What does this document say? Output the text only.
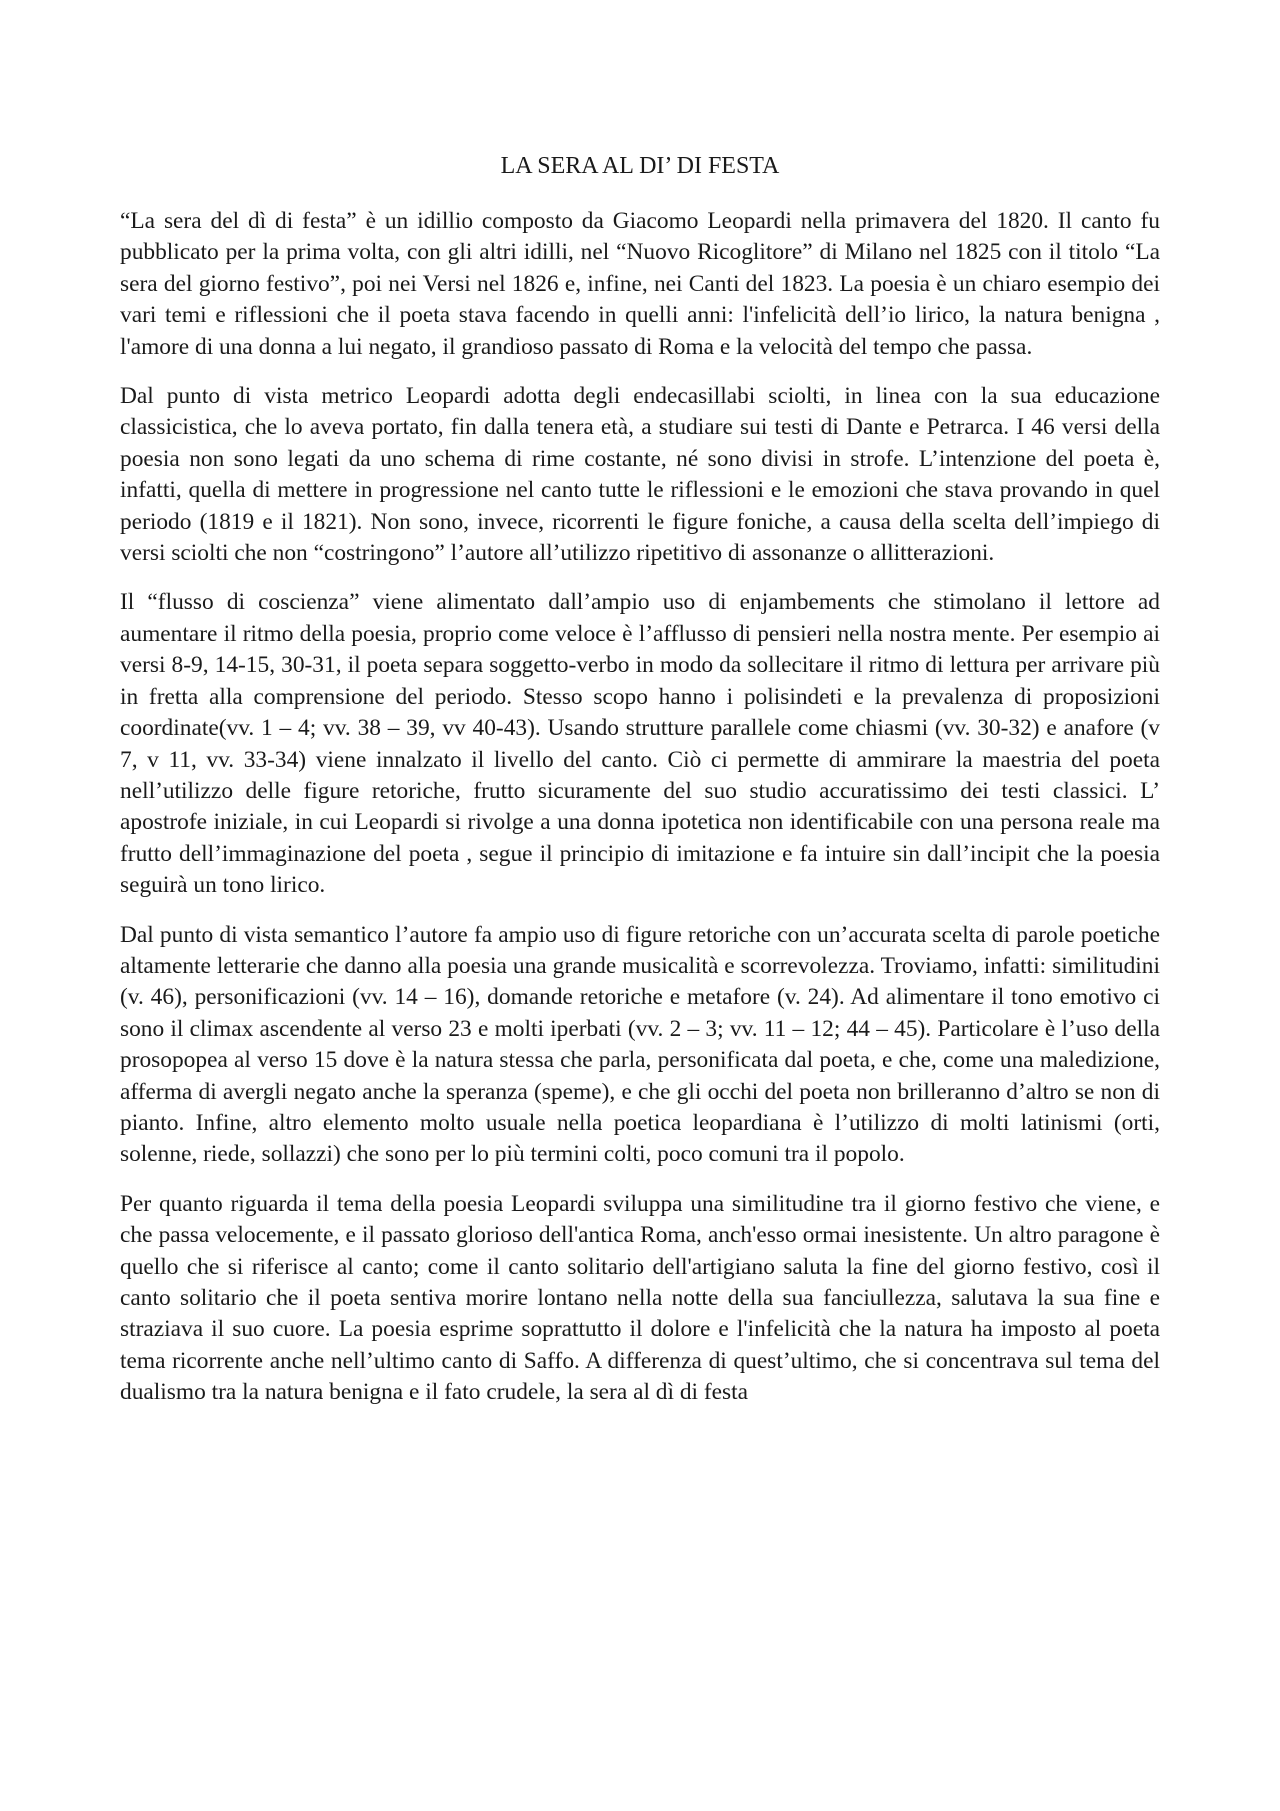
LA SERA AL DI’ DI FESTA

“La sera del dì di festa” è un idillio composto da Giacomo Leopardi nella primavera del 1820. Il canto fu pubblicato per la prima volta, con gli altri idilli, nel “Nuovo Ricoglitore” di Milano nel 1825 con il titolo “La sera del giorno festivo”, poi nei Versi nel 1826 e, infine, nei Canti del 1823. La poesia è un chiaro esempio dei vari temi e riflessioni che il poeta stava facendo in quelli anni: l'infelicità dell’io lirico, la natura benigna , l'amore di una donna a lui negato, il grandioso passato di Roma e la velocità del tempo che passa.

Dal punto di vista metrico Leopardi adotta degli endecasillabi sciolti, in linea con la sua educazione classicistica, che lo aveva portato, fin dalla tenera età, a studiare sui testi di Dante e Petrarca. I 46 versi della poesia non sono legati da uno schema di rime costante, né sono divisi in strofe. L’intenzione del poeta è, infatti, quella di mettere in progressione nel canto tutte le riflessioni e le emozioni che stava provando in quel periodo (1819 e il 1821). Non sono, invece, ricorrenti le figure foniche, a causa della scelta dell’impiego di versi sciolti che non “costringono” l’autore all’utilizzo ripetitivo di assonanze o allitterazioni.

Il “flusso di coscienza” viene alimentato dall’ampio uso di enjambements che stimolano il lettore ad aumentare il ritmo della poesia, proprio come veloce è l’afflusso di pensieri nella nostra mente. Per esempio ai versi 8-9, 14-15, 30-31, il poeta separa soggetto-verbo in modo da sollecitare il ritmo di lettura per arrivare più in fretta alla comprensione del periodo. Stesso scopo hanno i polisindeti e la prevalenza di proposizioni coordinate(vv. 1 – 4; vv. 38 – 39, vv 40-43). Usando strutture parallele come chiasmi (vv. 30-32) e anafore (v 7, v 11, vv. 33-34) viene innalzato il livello del canto. Ciò ci permette di ammirare la maestria del poeta nell’utilizzo delle figure retoriche, frutto sicuramente del suo studio accuratissimo dei testi classici. L’ apostrofe iniziale, in cui Leopardi si rivolge a una donna ipotetica non identificabile con una persona reale ma frutto dell’immaginazione del poeta , segue il principio di imitazione e fa intuire sin dall’incipit che la poesia seguirà un tono lirico.

Dal punto di vista semantico l’autore fa ampio uso di figure retoriche con un’accurata scelta di parole poetiche altamente letterarie che danno alla poesia una grande musicalità e scorrevolezza. Troviamo, infatti: similitudini (v. 46), personificazioni (vv. 14 – 16), domande retoriche e metafore (v. 24). Ad alimentare il tono emotivo ci sono il climax ascendente al verso 23 e molti iperbati (vv. 2 – 3; vv. 11 – 12; 44 – 45). Particolare è l’uso della prosopopea al verso 15 dove è la natura stessa che parla, personificata dal poeta, e che, come una maledizione, afferma di avergli negato anche la speranza (speme), e che gli occhi del poeta non brilleranno d’altro se non di pianto. Infine, altro elemento molto usuale nella poetica leopardiana è l’utilizzo di molti latinismi (orti, solenne, riede, sollazzi) che sono per lo più termini colti, poco comuni tra il popolo.

Per quanto riguarda il tema della poesia Leopardi sviluppa una similitudine tra il giorno festivo che viene, e che passa velocemente, e il passato glorioso dell'antica Roma, anch'esso ormai inesistente. Un altro paragone è quello che si riferisce al canto; come il canto solitario dell'artigiano saluta la fine del giorno festivo, così il canto solitario che il poeta sentiva morire lontano nella notte della sua fanciullezza, salutava la sua fine e straziava il suo cuore. La poesia esprime soprattutto il dolore e l'infelicità che la natura ha imposto al poeta tema ricorrente anche nell’ultimo canto di Saffo. A differenza di quest’ultimo, che si concentrava sul tema del dualismo tra la natura benigna e il fato crudele, la sera al dì di festa
